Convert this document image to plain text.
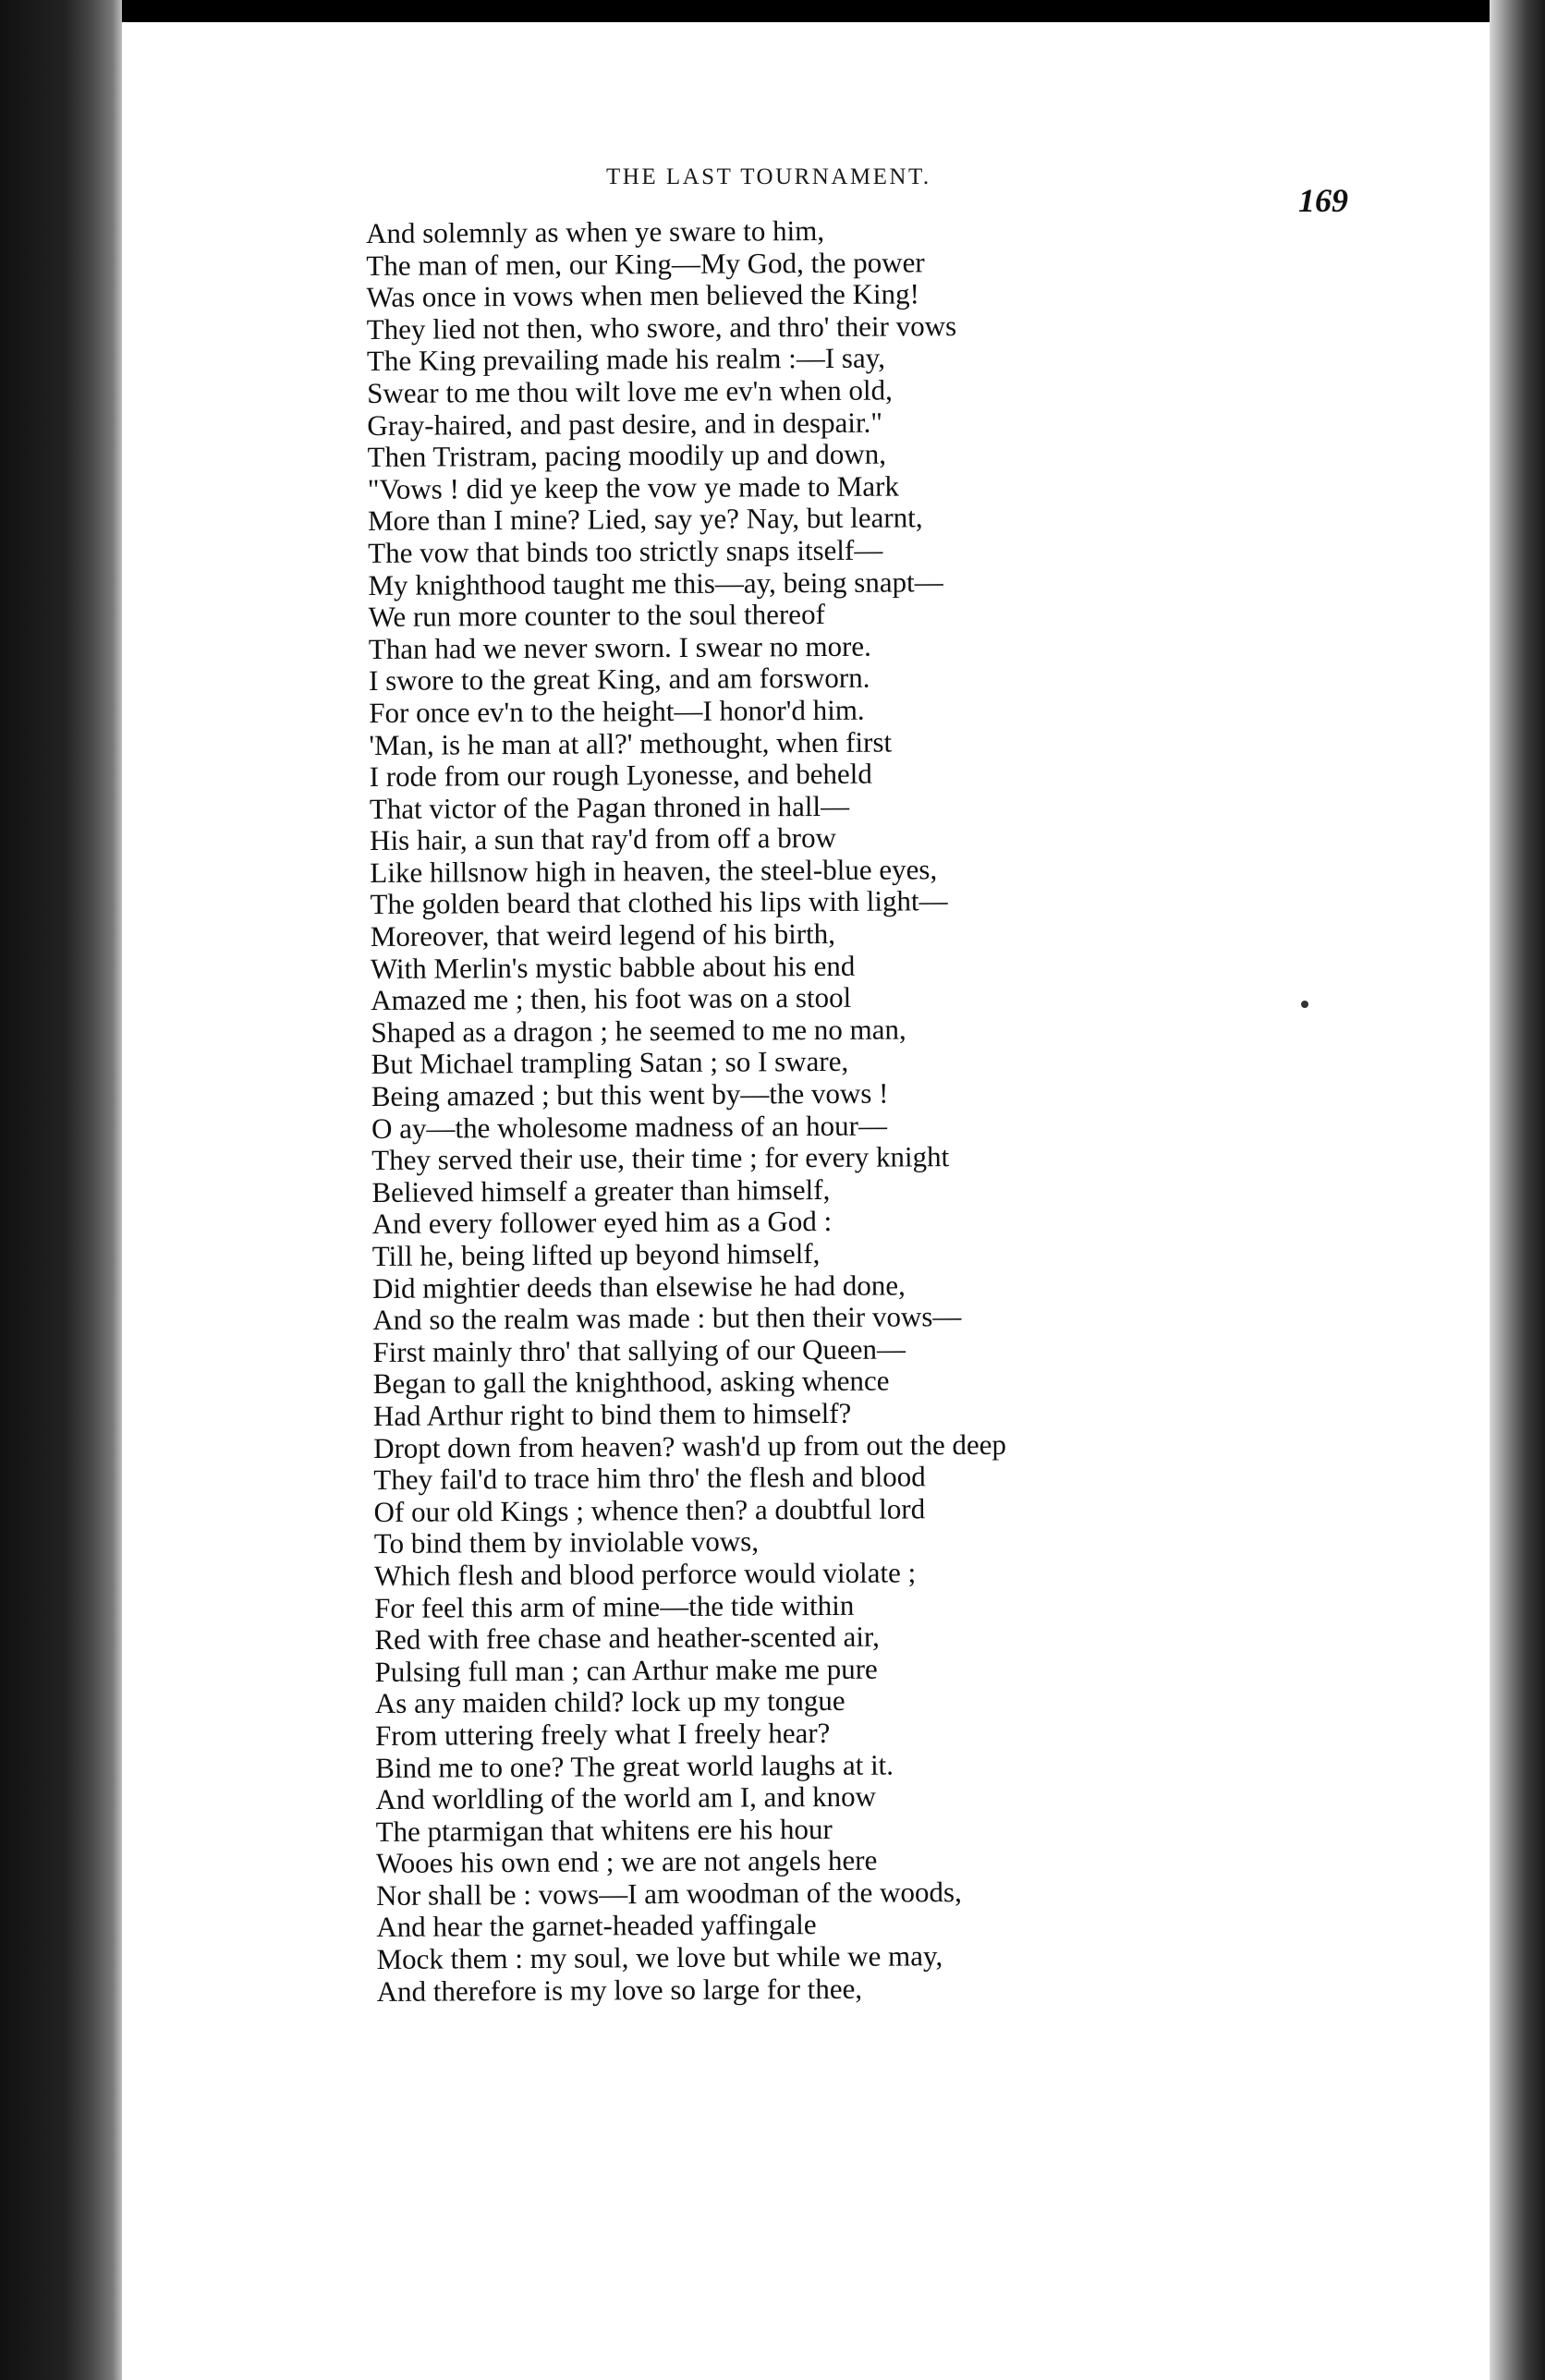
THE LAST TOURNAMENT.
169
And solemnly as when ye sware to him,
The man of men, our King—My God, the power
Was once in vows when men believed the King!
They lied not then, who swore, and thro' their vows
The King prevailing made his realm :—I say,
Swear to me thou wilt love me ev'n when old,
Gray-haired, and past desire, and in despair."
Then Tristram, pacing moodily up and down,
"Vows ! did ye keep the vow ye made to Mark
More than I mine? Lied, say ye? Nay, but learnt,
The vow that binds too strictly snaps itself—
My knighthood taught me this—ay, being snapt—
We run more counter to the soul thereof
Than had we never sworn. I swear no more.
I swore to the great King, and am forsworn.
For once ev'n to the height—I honor'd him.
'Man, is he man at all?' methought, when first
I rode from our rough Lyonesse, and beheld
That victor of the Pagan throned in hall—
His hair, a sun that ray'd from off a brow
Like hillsnow high in heaven, the steel-blue eyes,
The golden beard that clothed his lips with light—
Moreover, that weird legend of his birth,
With Merlin's mystic babble about his end
Amazed me ; then, his foot was on a stool
Shaped as a dragon ; he seemed to me no man,
But Michael trampling Satan ; so I sware,
Being amazed ; but this went by—the vows !
O ay—the wholesome madness of an hour—
They served their use, their time ; for every knight
Believed himself a greater than himself,
And every follower eyed him as a God :
Till he, being lifted up beyond himself,
Did mightier deeds than elsewise he had done,
And so the realm was made : but then their vows—
First mainly thro' that sallying of our Queen—
Began to gall the knighthood, asking whence
Had Arthur right to bind them to himself?
Dropt down from heaven? wash'd up from out the deep
They fail'd to trace him thro' the flesh and blood
Of our old Kings ; whence then? a doubtful lord
To bind them by inviolable vows,
Which flesh and blood perforce would violate ;
For feel this arm of mine—the tide within
Red with free chase and heather-scented air,
Pulsing full man ; can Arthur make me pure
As any maiden child? lock up my tongue
From uttering freely what I freely hear?
Bind me to one? The great world laughs at it.
And worldling of the world am I, and know
The ptarmigan that whitens ere his hour
Wooes his own end ; we are not angels here
Nor shall be : vows—I am woodman of the woods,
And hear the garnet-headed yaffingale
Mock them : my soul, we love but while we may,
And therefore is my love so large for thee,
